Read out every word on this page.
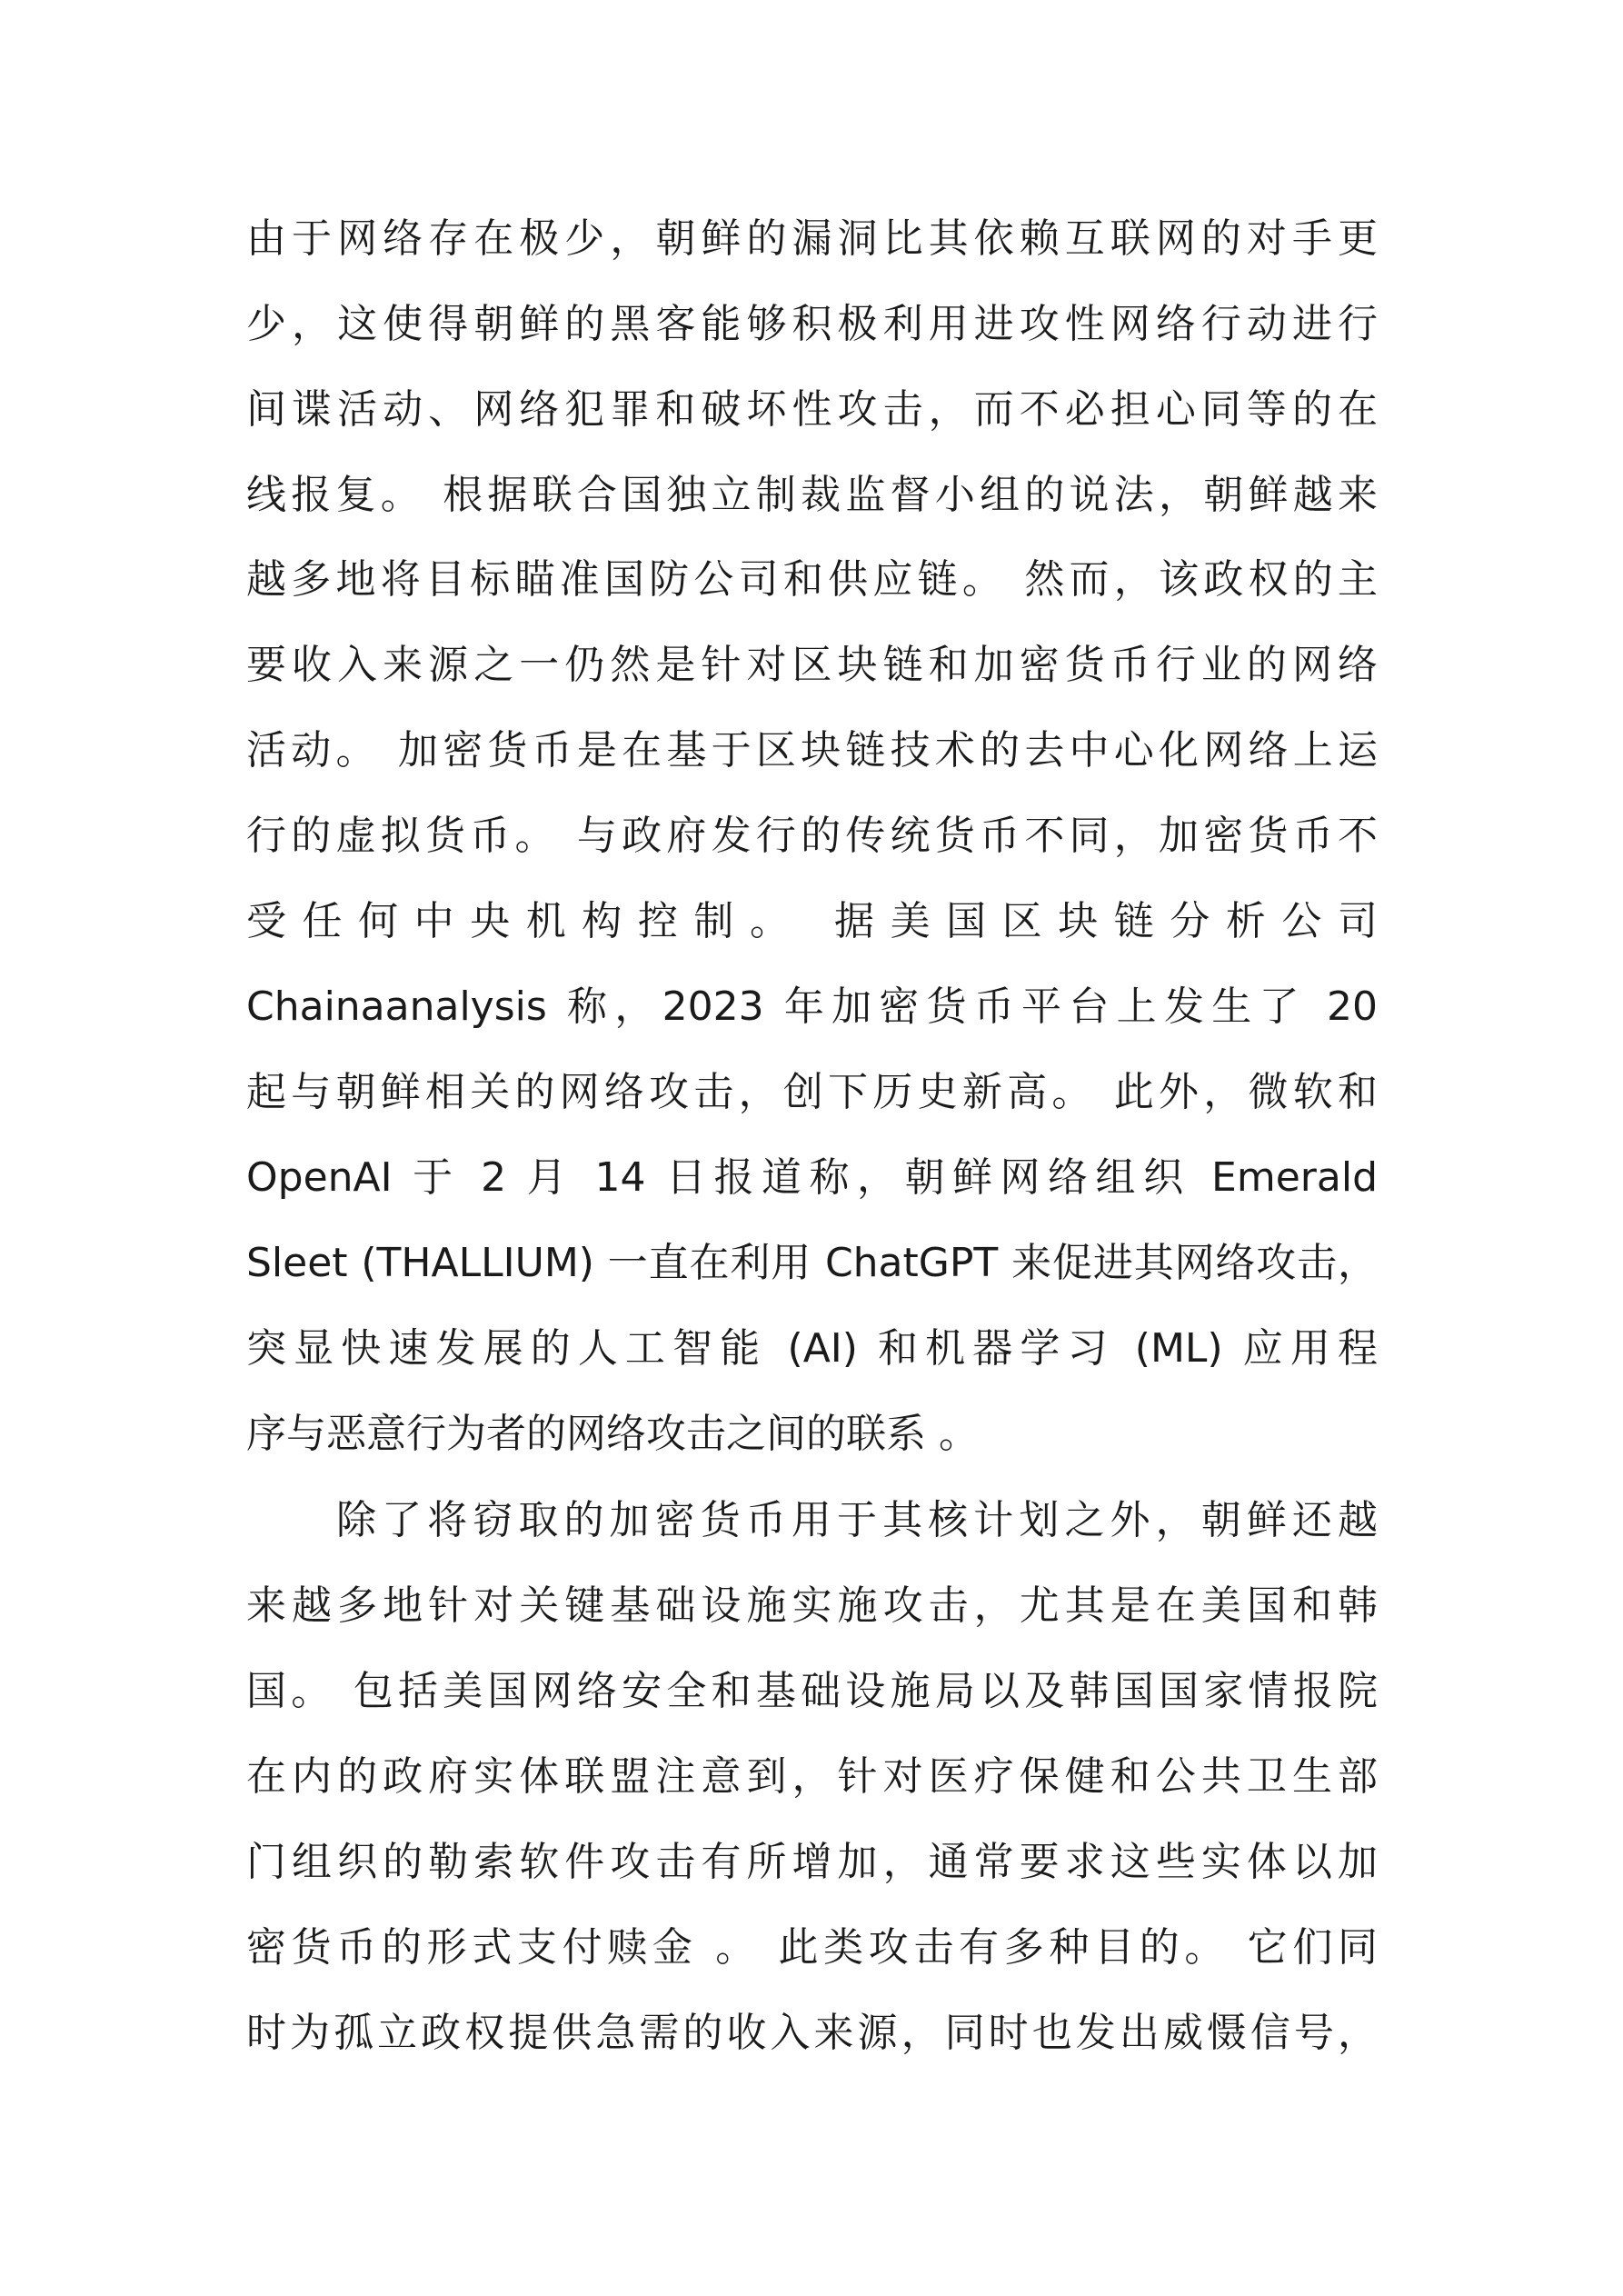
由于网络存在极少，朝鲜的漏洞比其依赖互联网的对手更
少，这使得朝鲜的黑客能够积极利用进攻性网络行动进行
间谍活动、网络犯罪和破坏性攻击，而不必担心同等的在
线报复。 根据联合国独立制裁监督小组的说法，朝鲜越来
越多地将目标瞄准国防公司和供应链。 然而，该政权的主
要收入来源之一仍然是针对区块链和加密货币行业的网络
活动。 加密货币是在基于区块链技术的去中心化网络上运
行的虚拟货币。 与政府发行的传统货币不同，加密货币不
受任何中央机构控制。 据美国区块链分析公司
Chainaanalysis 称，2023 年加密货币平台上发生了 20
起与朝鲜相关的网络攻击，创下历史新高。 此外，微软和
OpenAI 于 2 月 14 日报道称，朝鲜网络组织 Emerald
Sleet (THALLIUM) 一直在利用 ChatGPT 来促进其网络攻击，
突显快速发展的人工智能 (AI) 和机器学习 (ML) 应用程
序与恶意行为者的网络攻击之间的联系 。
除了将窃取的加密货币用于其核计划之外，朝鲜还越
来越多地针对关键基础设施实施攻击，尤其是在美国和韩
国。 包括美国网络安全和基础设施局以及韩国国家情报院
在内的政府实体联盟注意到，针对医疗保健和公共卫生部
门组织的勒索软件攻击有所增加，通常要求这些实体以加
密货币的形式支付赎金 。 此类攻击有多种目的。 它们同
时为孤立政权提供急需的收入来源，同时也发出威慑信号，
